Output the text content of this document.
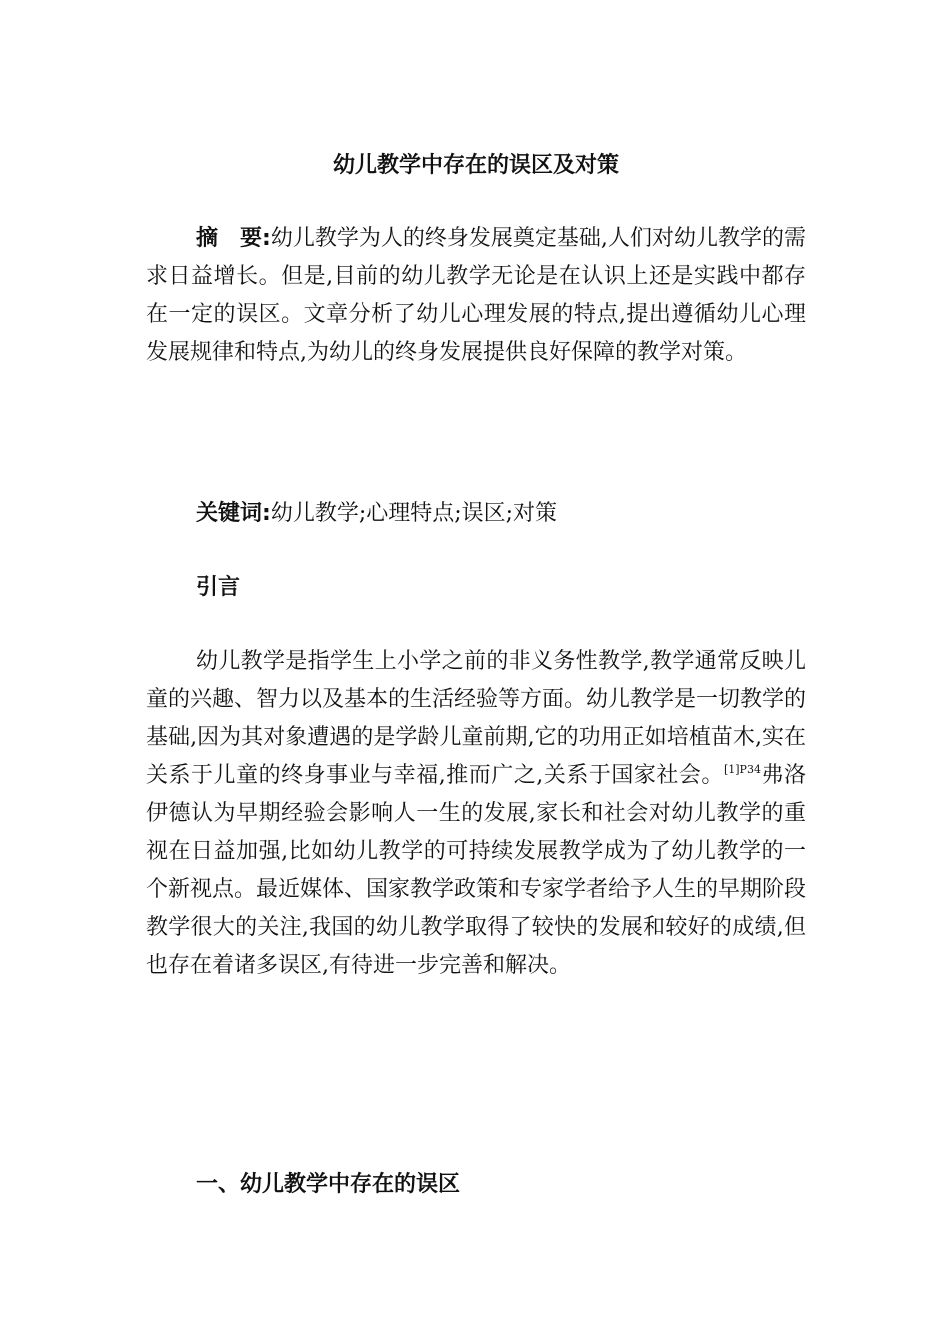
幼儿教学中存在的误区及对策

摘　要:幼儿教学为人的终身发展奠定基础,人们对幼儿教学的需求日益增长。但是,目前的幼儿教学无论是在认识上还是实践中都存在一定的误区。文章分析了幼儿心理发展的特点,提出遵循幼儿心理发展规律和特点,为幼儿的终身发展提供良好保障的教学对策。

关键词:幼儿教学;心理特点;误区;对策

引言

幼儿教学是指学生上小学之前的非义务性教学,教学通常反映儿童的兴趣、智力以及基本的生活经验等方面。幼儿教学是一切教学的基础,因为其对象遭遇的是学龄儿童前期,它的功用正如培植苗木,实在关系于儿童的终身事业与幸福,推而广之,关系于国家社会。$^{[1]P34}$弗洛伊德认为早期经验会影响人一生的发展,家长和社会对幼儿教学的重视在日益加强,比如幼儿教学的可持续发展教学成为了幼儿教学的一个新视点。最近媒体、国家教学政策和专家学者给予人生的早期阶段教学很大的关注,我国的幼儿教学取得了较快的发展和较好的成绩,但也存在着诸多误区,有待进一步完善和解决。

一、幼儿教学中存在的误区
